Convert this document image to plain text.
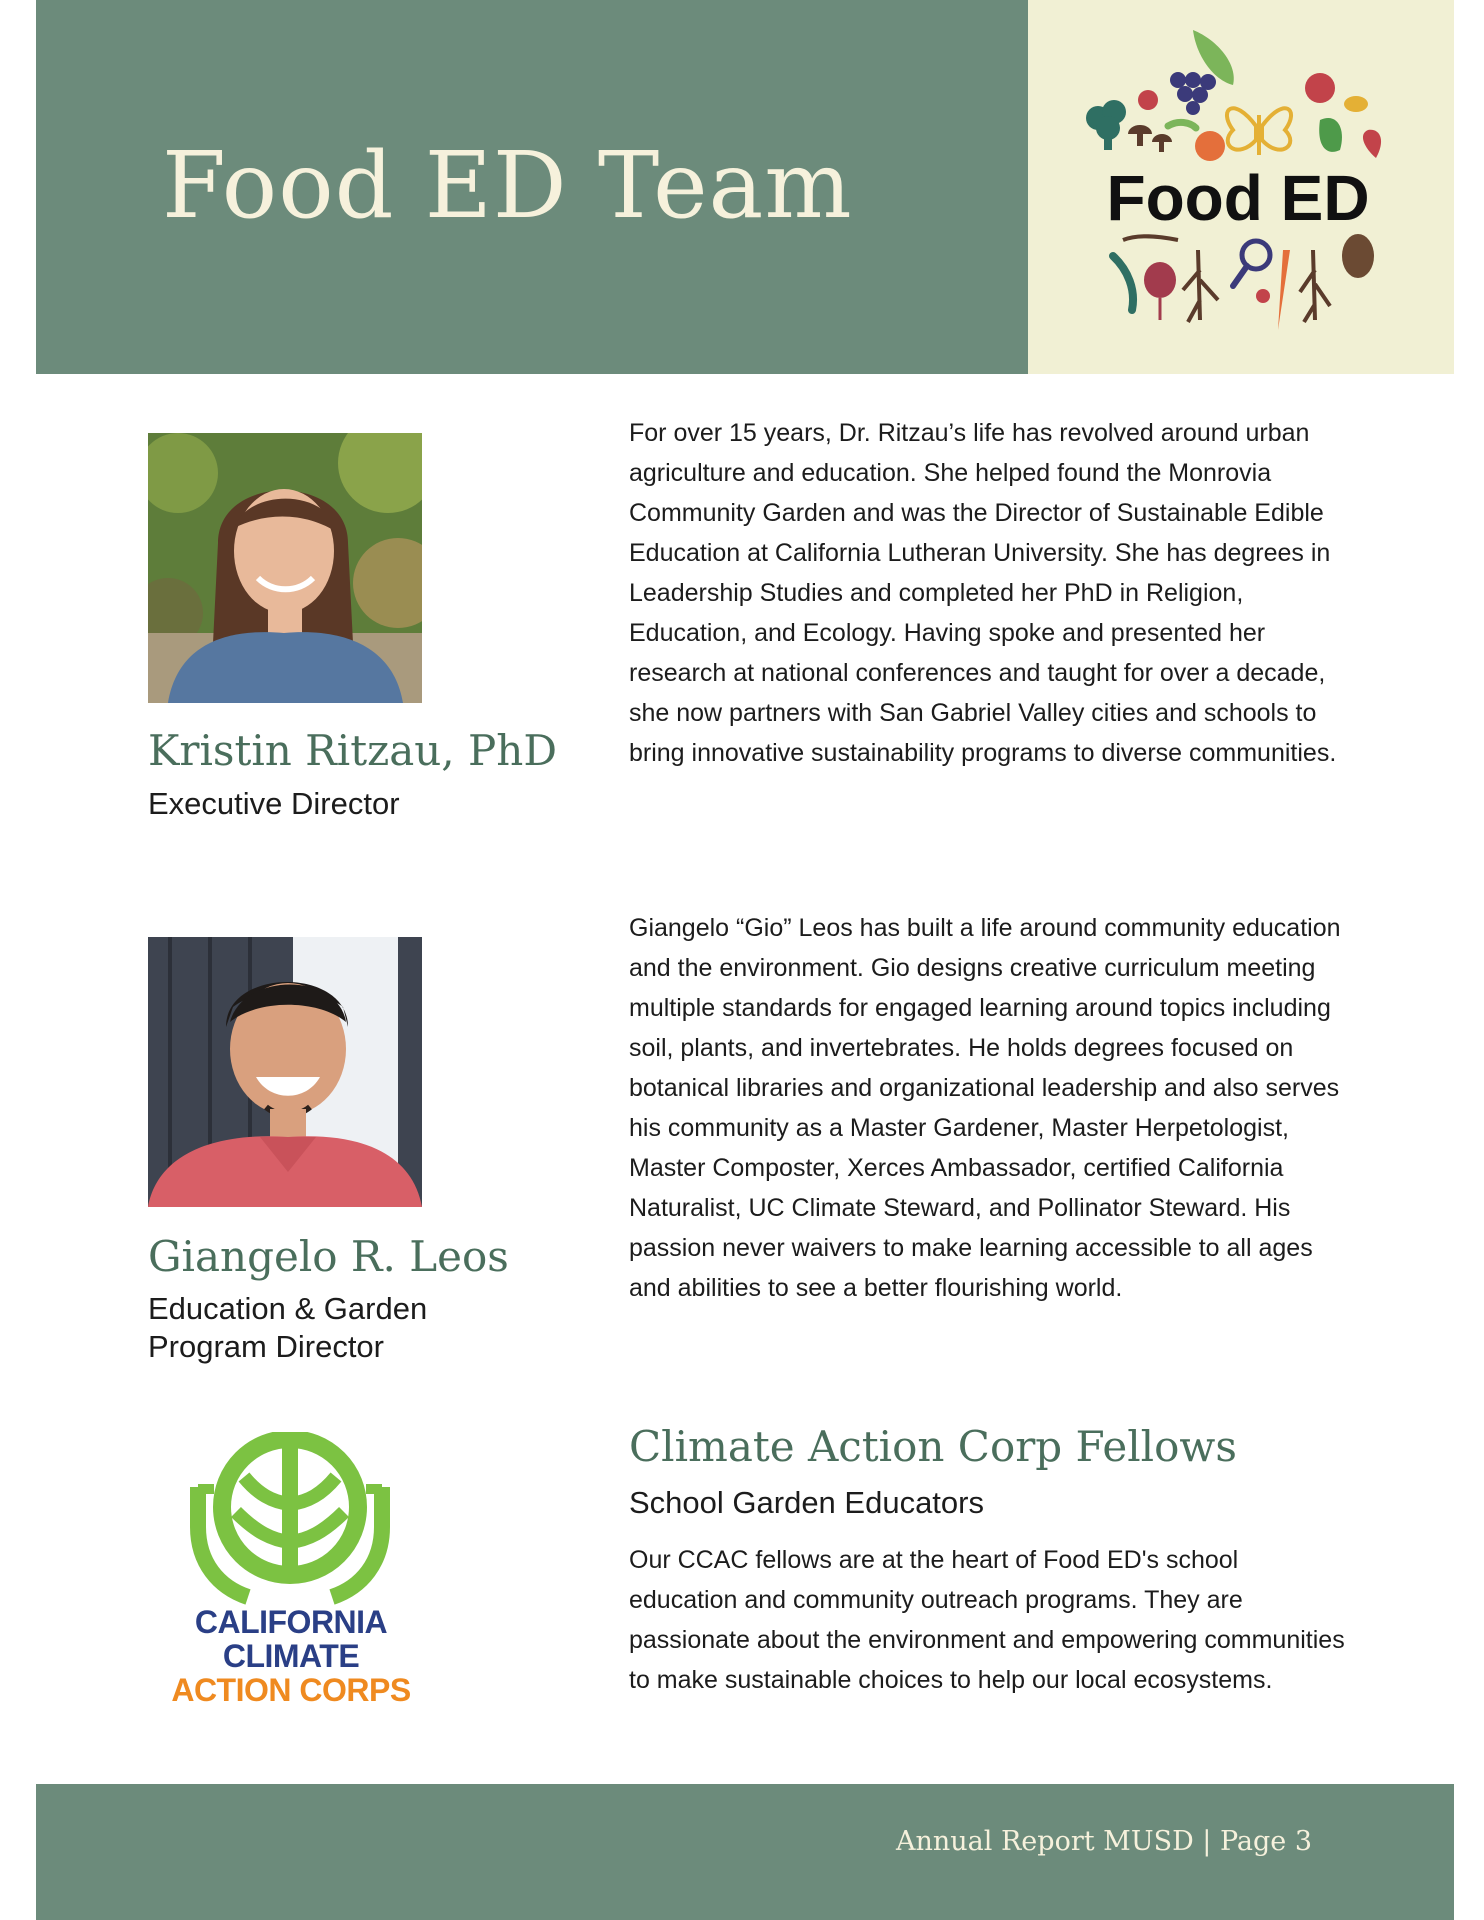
Food ED Team	Food ED
Kristin Ritzau, PhD

Executive Director

For over 15 years, Dr. Ritzau’s life has revolved around urban agriculture and education. She helped found the Monrovia Community Garden and was the Director of Sustainable Edible Education at California Lutheran University. She has degrees in Leadership Studies and completed her PhD in Religion, Education, and Ecology. Having spoke and presented her research at national conferences and taught for over a decade, she now partners with San Gabriel Valley cities and schools to bring innovative sustainability programs to diverse communities.

Giangelo R. Leos

Education & Garden Program Director

Giangelo “Gio” Leos has built a life around community education and the environment. Gio designs creative curriculum meeting multiple standards for engaged learning around topics including soil, plants, and invertebrates. He holds degrees focused on botanical libraries and organizational leadership and also serves his community as a Master Gardener, Master Herpetologist, Master Composter, Xerces Ambassador, certified California Naturalist, UC Climate Steward, and Pollinator Steward. His passion never waivers to make learning accessible to all ages and abilities to see a better flourishing world.

CALIFORNIA
CLIMATE
ACTION CORPS
Climate Action Corp Fellows

School Garden Educators

Our CCAC fellows are at the heart of Food ED's school education and community outreach programs. They are passionate about the environment and empowering communities to make sustainable choices to help our local ecosystems.

Annual Report MUSD | Page 3
